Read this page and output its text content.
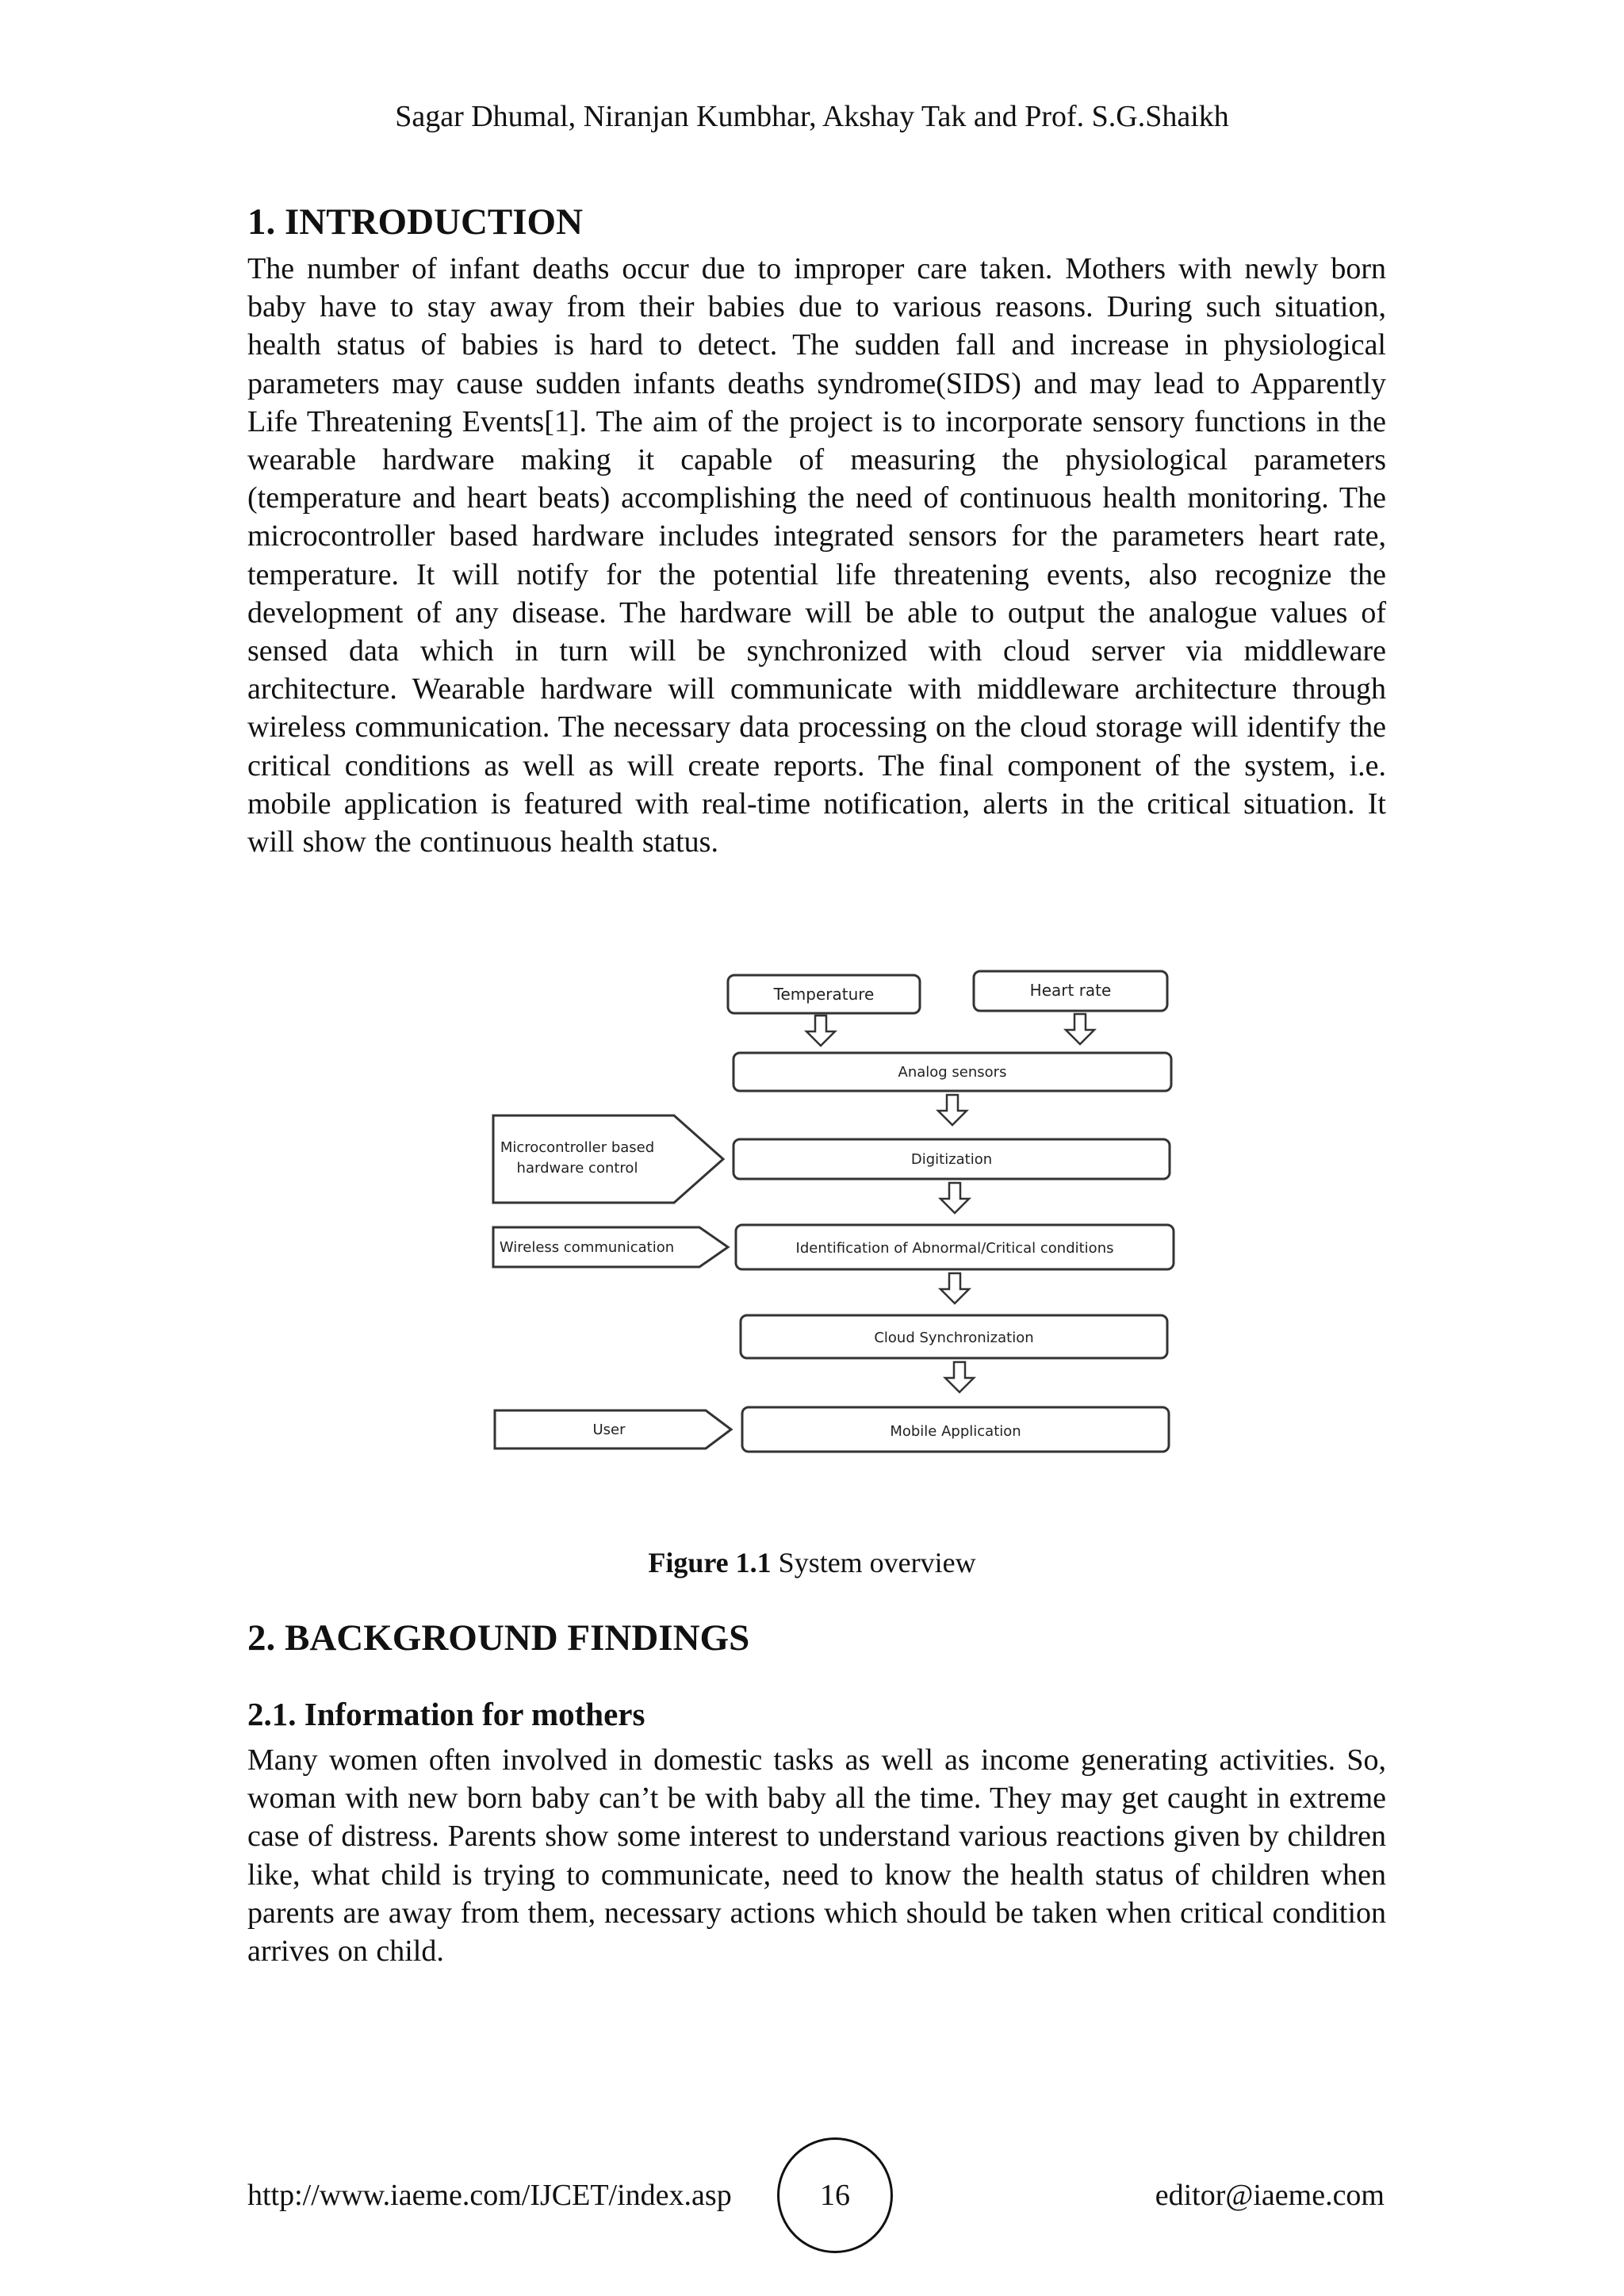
Sagar Dhumal, Niranjan Kumbhar, Akshay Tak and Prof. S.G.Shaikh
1. INTRODUCTION

The number of infant deaths occur due to improper care taken. Mothers with newly born baby have to stay away from their babies due to various reasons. During such situation, health status of babies is hard to detect. The sudden fall and increase in physiological parameters may cause sudden infants deaths syndrome(SIDS) and may lead to Apparently Life Threatening Events[1]. The aim of the project is to incorporate sensory functions in the wearable hardware making it capable of measuring the physiological parameters (temperature and heart beats) accomplishing the need of continuous health monitoring. The microcontroller based hardware includes integrated sensors for the parameters heart rate, temperature. It will notify for the potential life threatening events, also recognize the development of any disease. The hardware will be able to output the analogue values of sensed data which in turn will be synchronized with cloud server via middleware architecture. Wearable hardware will communicate with middleware architecture through wireless communication. The necessary data processing on the cloud storage will identify the critical conditions as well as will create reports. The final component of the system, i.e. mobile application is featured with real-time notification, alerts in the critical situation. It will show the continuous health status.

Temperature	Heart rate
Analog sensors
Microcontroller based
hardware control
Digitization
Wireless communication	Identification of Abnormal/Critical conditions
Cloud Synchronization
User	Mobile Application
Figure 1.1 System overview
2. BACKGROUND FINDINGS
2.1. Information for mothers

Many women often involved in domestic tasks as well as income generating activities. So, woman with new born baby can’t be with baby all the time. They may get caught in extreme case of distress. Parents show some interest to understand various reactions given by children like, what child is trying to communicate, need to know the health status of children when parents are away from them, necessary actions which should be taken when critical condition arrives on child.

http://www.iaeme.com/IJCET/index.asp	16	editor@iaeme.com
